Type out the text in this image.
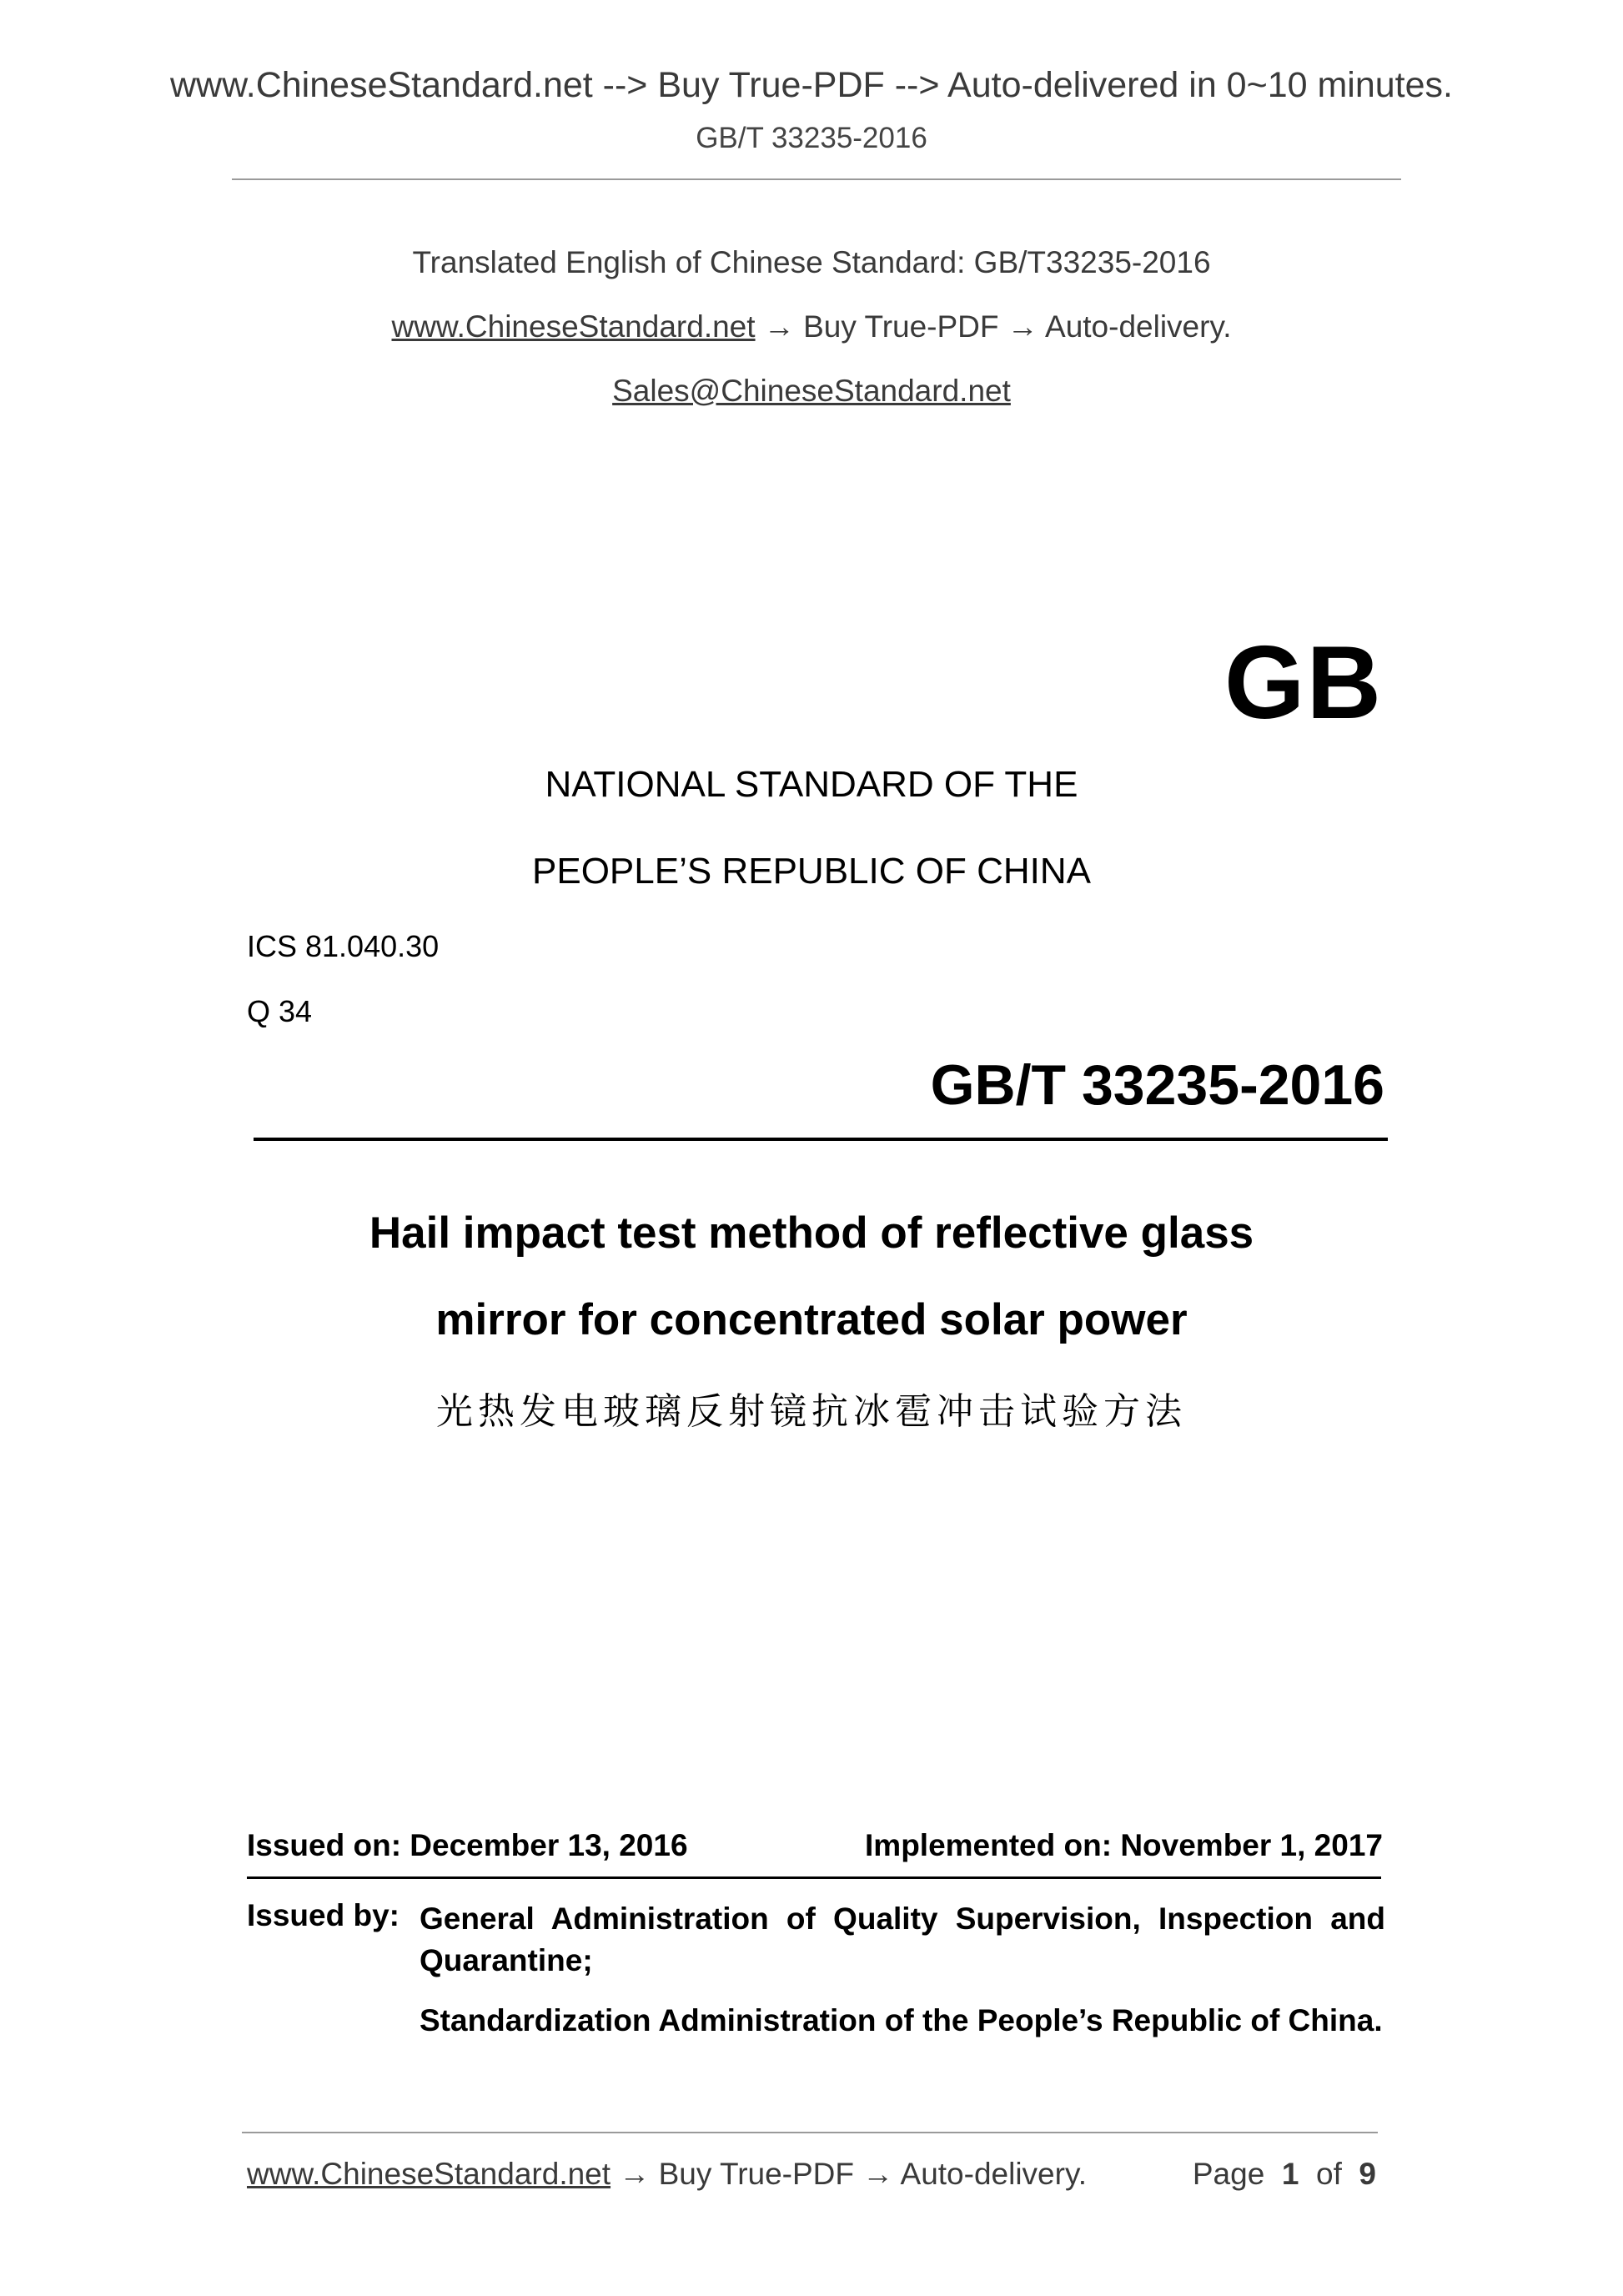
www.ChineseStandard.net --> Buy True-PDF --> Auto-delivered in 0~10 minutes.
GB/T 33235-2016
Translated English of Chinese Standard: GB/T33235-2016
www.ChineseStandard.net → Buy True-PDF → Auto-delivery.
Sales@ChineseStandard.net
GB
NATIONAL STANDARD OF THE
PEOPLE’S REPUBLIC OF CHINA
ICS 81.040.30
Q 34
GB/T 33235-2016
Hail impact test method of reflective glass
mirror for concentrated solar power
光热发电玻璃反射镜抗冰雹冲击试验方法
Issued on: December 13, 2016	Implemented on: November 1, 2017
Issued by: General Administration of Quality Supervision, Inspection and Quarantine;

Standardization Administration of the People’s Republic of China.

www.ChineseStandard.net → Buy True-PDF → Auto-delivery.	Page 1 of 9
